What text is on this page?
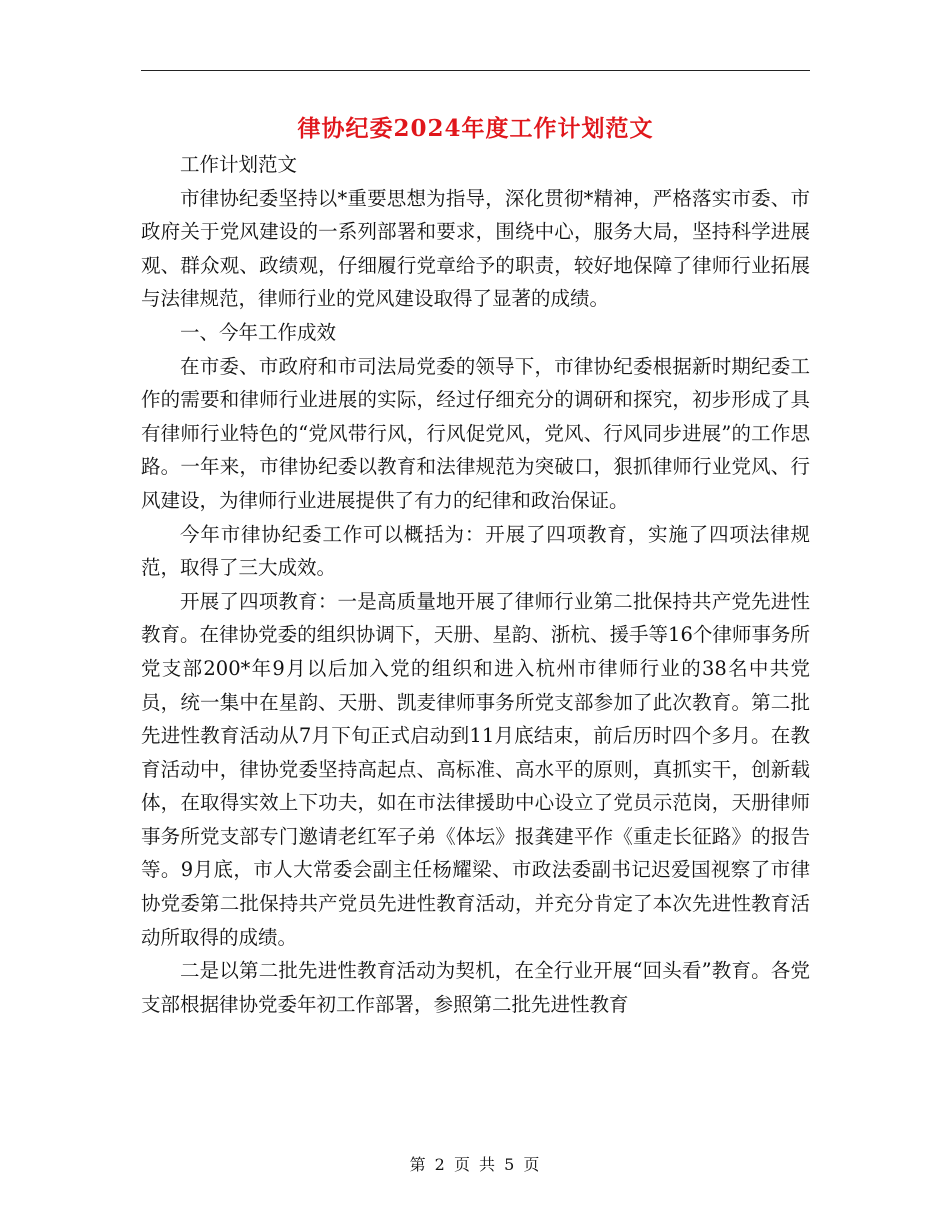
律协纪委2024年度工作计划范文

工作计划范文

市律协纪委坚持以*重要思想为指导，深化贯彻*精神，严格落实市委、市政府关于党风建设的一系列部署和要求，围绕中心，服务大局，坚持科学进展观、群众观、政绩观，仔细履行党章给予的职责，较好地保障了律师行业拓展与法律规范，律师行业的党风建设取得了显著的成绩。

一、今年工作成效

在市委、市政府和市司法局党委的领导下，市律协纪委根据新时期纪委工作的需要和律师行业进展的实际，经过仔细充分的调研和探究，初步形成了具有律师行业特色的“党风带行风，行风促党风，党风、行风同步进展”的工作思路。一年来，市律协纪委以教育和法律规范为突破口，狠抓律师行业党风、行风建设，为律师行业进展提供了有力的纪律和政治保证。

今年市律协纪委工作可以概括为：开展了四项教育，实施了四项法律规范，取得了三大成效。

开展了四项教育：一是高质量地开展了律师行业第二批保持共产党先进性教育。在律协党委的组织协调下，天册、星韵、浙杭、援手等16个律师事务所党支部200*年9月以后加入党的组织和进入杭州市律师行业的38名中共党员，统一集中在星韵、天册、凯麦律师事务所党支部参加了此次教育。第二批先进性教育活动从7月下旬正式启动到11月底结束，前后历时四个多月。在教育活动中，律协党委坚持高起点、高标准、高水平的原则，真抓实干，创新载体，在取得实效上下功夫，如在市法律援助中心设立了党员示范岗，天册律师事务所党支部专门邀请老红军子弟《体坛》报龚建平作《重走长征路》的报告等。9月底，市人大常委会副主任杨耀梁、市政法委副书记迟爱国视察了市律协党委第二批保持共产党员先进性教育活动，并充分肯定了本次先进性教育活动所取得的成绩。

二是以第二批先进性教育活动为契机，在全行业开展“回头看”教育。各党支部根据律协党委年初工作部署，参照第二批先进性教育

第 2 页 共 5 页
